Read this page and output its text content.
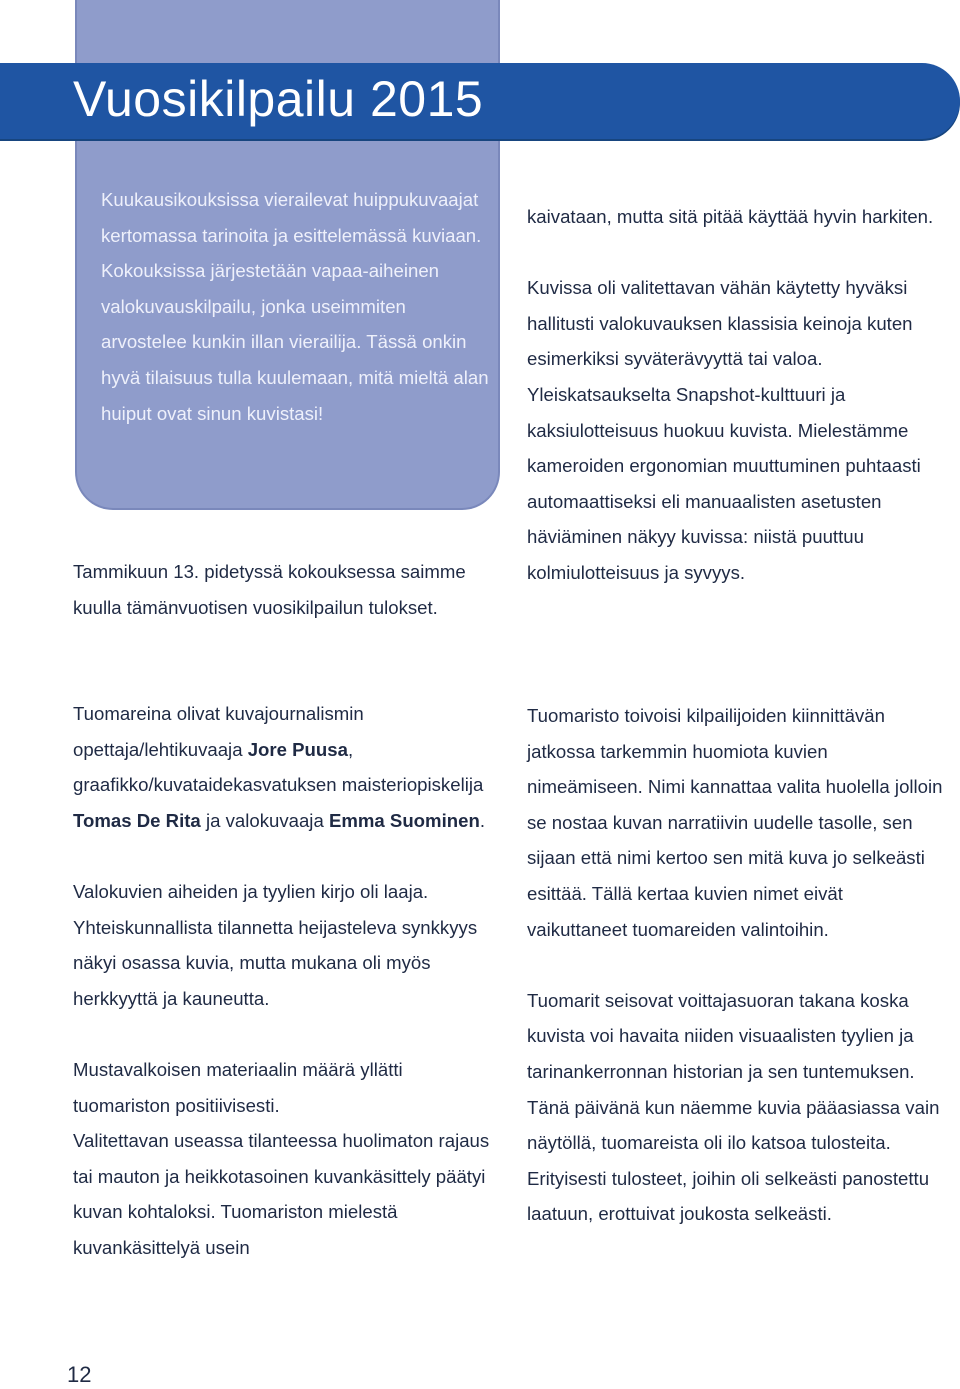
Vuosikilpailu 2015
Kuukausikouksissa vierailevat huippukuvaajat kertomassa tarinoita ja esittelemässä kuviaan. Kokouksissa järjestetään vapaa-aiheinen valokuvauskilpailu, jonka useimmiten arvostelee kunkin illan vierailija. Tässä onkin hyvä tilaisuus tulla kuulemaan, mitä mieltä alan huiput ovat sinun kuvistasi!

Tammikuun 13. pidetyssä kokouksessa saimme kuulla tämänvuotisen vuosikilpailun tulokset.

Tuomareina olivat kuvajournalismin opettaja/lehtikuvaaja Jore Puusa, graafikko/kuvataidekasvatuksen maisteriopiskelija Tomas De Rita ja valokuvaaja Emma Suominen.

Valokuvien aiheiden ja tyylien kirjo oli laaja. Yhteiskunnallista tilannetta heijasteleva synkkyys näkyi osassa kuvia, mutta mukana oli myös herkkyyttä ja kauneutta.

Mustavalkoisen materiaalin määrä yllätti tuomariston positiivisesti.

Valitettavan useassa tilanteessa huolimaton rajaus tai mauton ja heikkotasoinen kuvankäsittely päätyi kuvan kohtaloksi. Tuomariston mielestä kuvankäsittelyä usein

kaivataan, mutta sitä pitää käyttää hyvin harkiten.

Kuvissa oli valitettavan vähän käytetty hyväksi hallitusti valokuvauksen klassisia keinoja kuten esimerkiksi syväterävyyttä tai valoa. Yleiskatsaukselta Snapshot-kulttuuri ja kaksiulotteisuus huokuu kuvista. Mielestämme kameroiden ergonomian muuttuminen puhtaasti automaattiseksi eli manuaalisten asetusten häviäminen näkyy kuvissa: niistä puuttuu kolmiulotteisuus ja syvyys.

Tuomaristo toivoisi kilpailijoiden kiinnittävän jatkossa tarkemmin huomiota kuvien nimeämiseen. Nimi kannattaa valita huolella jolloin se nostaa kuvan narratiivin uudelle tasolle, sen sijaan että nimi kertoo sen mitä kuva jo selkeästi esittää. Tällä kertaa kuvien nimet eivät vaikuttaneet tuomareiden valintoihin.

Tuomarit seisovat voittajasuoran takana koska kuvista voi havaita niiden visuaalisten tyylien ja tarinankerronnan historian ja sen tuntemuksen. Tänä päivänä kun näemme kuvia pääasiassa vain näytöllä, tuomareista oli ilo katsoa tulosteita. Erityisesti tulosteet, joihin oli selkeästi panostettu laatuun, erottuivat joukosta selkeästi.

12
